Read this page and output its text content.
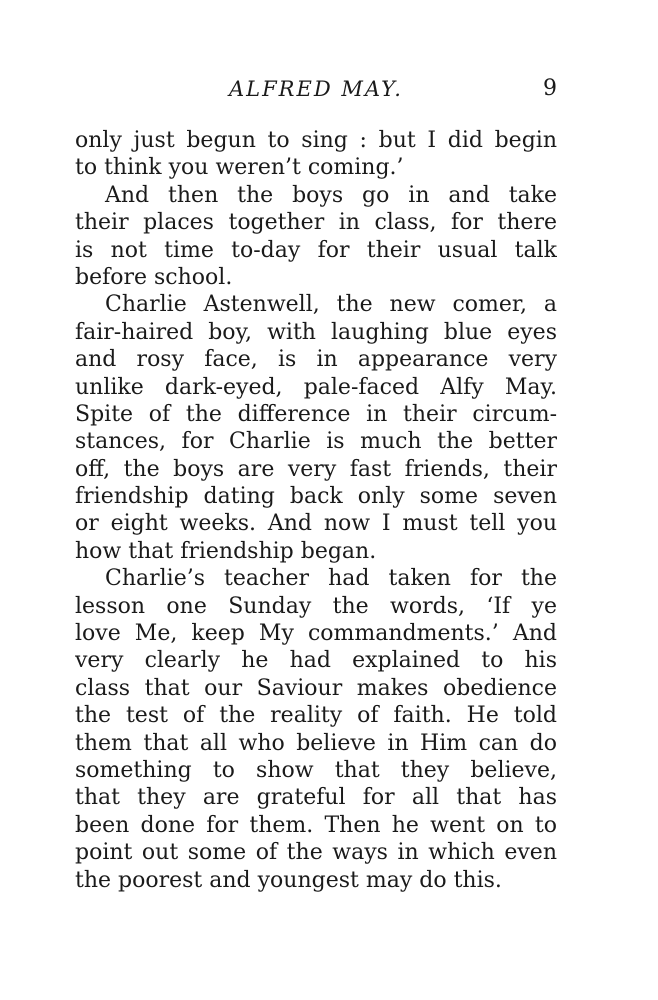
ALFRED MAY.	9
only just begun to sing : but I did begin
to think you weren’t coming.’
And then the boys go in and take
their places together in class, for there
is not time to-day for their usual talk
before school.
Charlie Astenwell, the new comer, a
fair-haired boy, with laughing blue eyes
and rosy face, is in appearance very
unlike dark-eyed, pale-faced Alfy May.
Spite of the difference in their circum-
stances, for Charlie is much the better
off, the boys are very fast friends, their
friendship dating back only some seven
or eight weeks. And now I must tell you
how that friendship began.
Charlie’s teacher had taken for the
lesson one Sunday the words, ‘If ye
love Me, keep My commandments.’ And
very clearly he had explained to his
class that our Saviour makes obedience
the test of the reality of faith. He told
them that all who believe in Him can do
something to show that they believe,
that they are grateful for all that has
been done for them. Then he went on to
point out some of the ways in which even
the poorest and youngest may do this.
